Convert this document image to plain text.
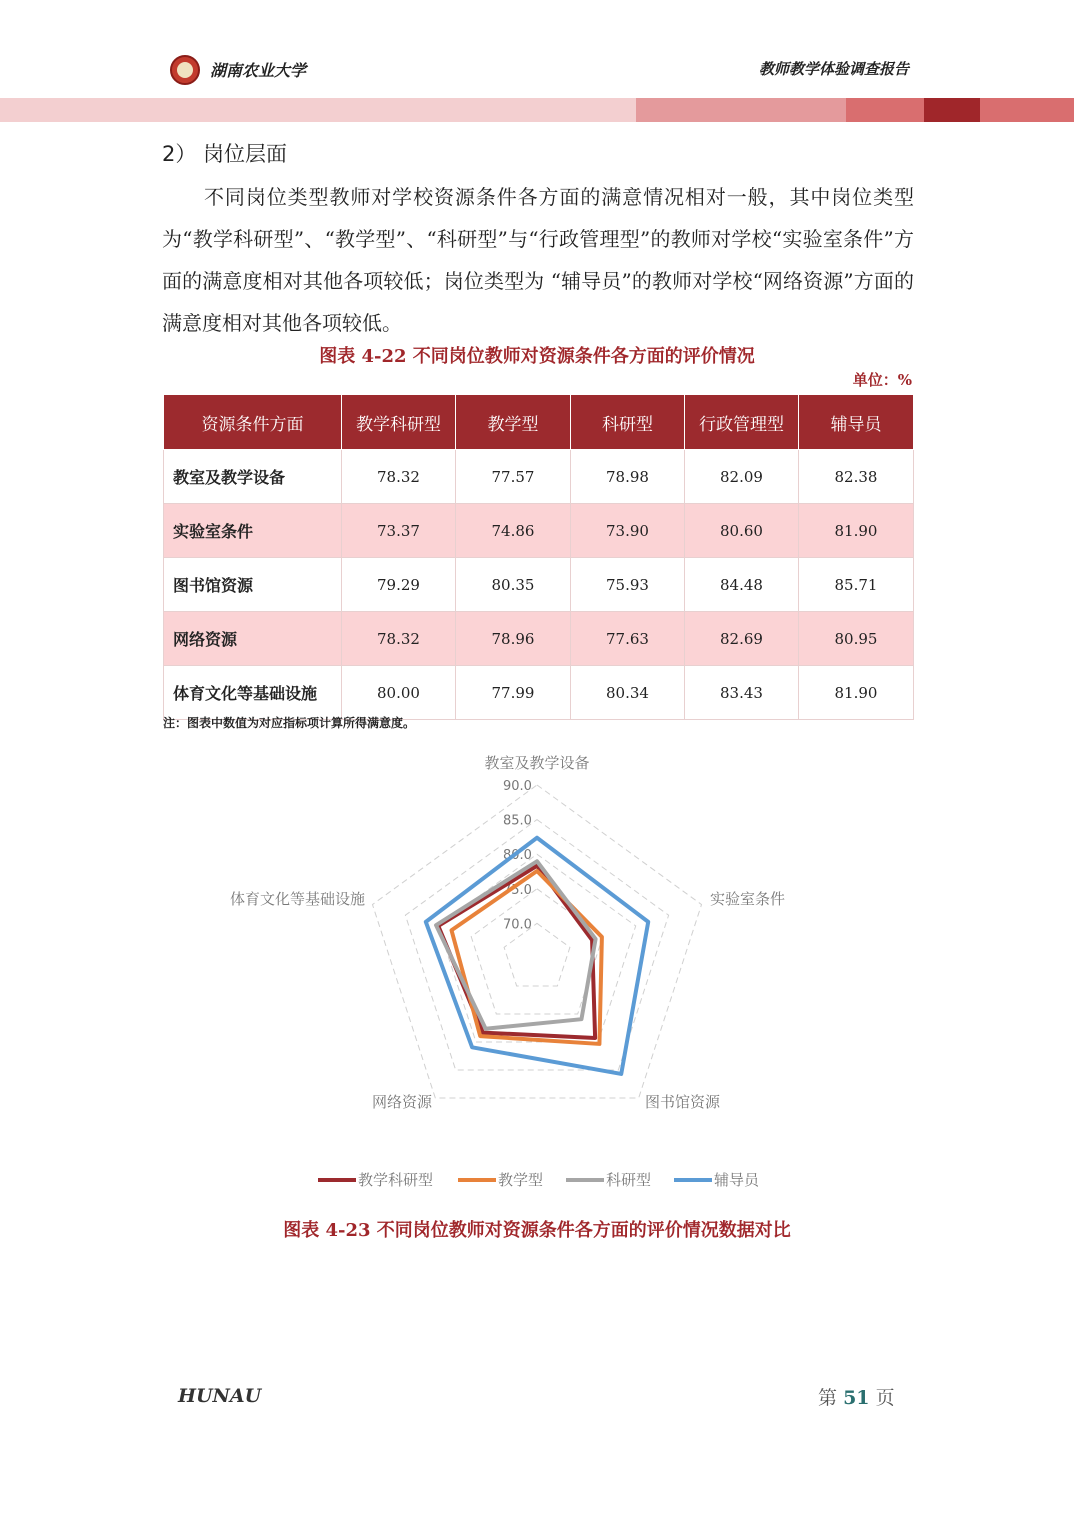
湖南农业大学	教师教学体验调查报告
2） 岗位层面

不同岗位类型教师对学校资源条件各方面的满意情况相对一般，其中岗位类型为“教学科研型”、“教学型”、“科研型”与“行政管理型”的教师对学校“实验室条件”方面的满意度相对其他各项较低；岗位类型为 “辅导员”的教师对学校“网络资源”方面的满意度相对其他各项较低。

图表 4-22 不同岗位教师对资源条件各方面的评价情况
单位：%
资源条件方面	教学科研型	教学型	科研型	行政管理型	辅导员
教室及教学设备	78.32	77.57	78.98	82.09	82.38
实验室条件	73.37	74.86	73.90	80.60	81.90
图书馆资源	79.29	80.35	75.93	84.48	85.71
网络资源	78.32	78.96	77.63	82.69	80.95
体育文化等基础设施	80.00	77.99	80.34	83.43	81.90
注：图表中数值为对应指标项计算所得满意度。
70.0
75.0
80.0
85.0
90.0
教室及教学设备
实验室条件
图书馆资源
网络资源
体育文化等基础设施
教学科研型	教学型	科研型	辅导员
图表 4-23 不同岗位教师对资源条件各方面的评价情况数据对比
HUNAU	第 51 页
